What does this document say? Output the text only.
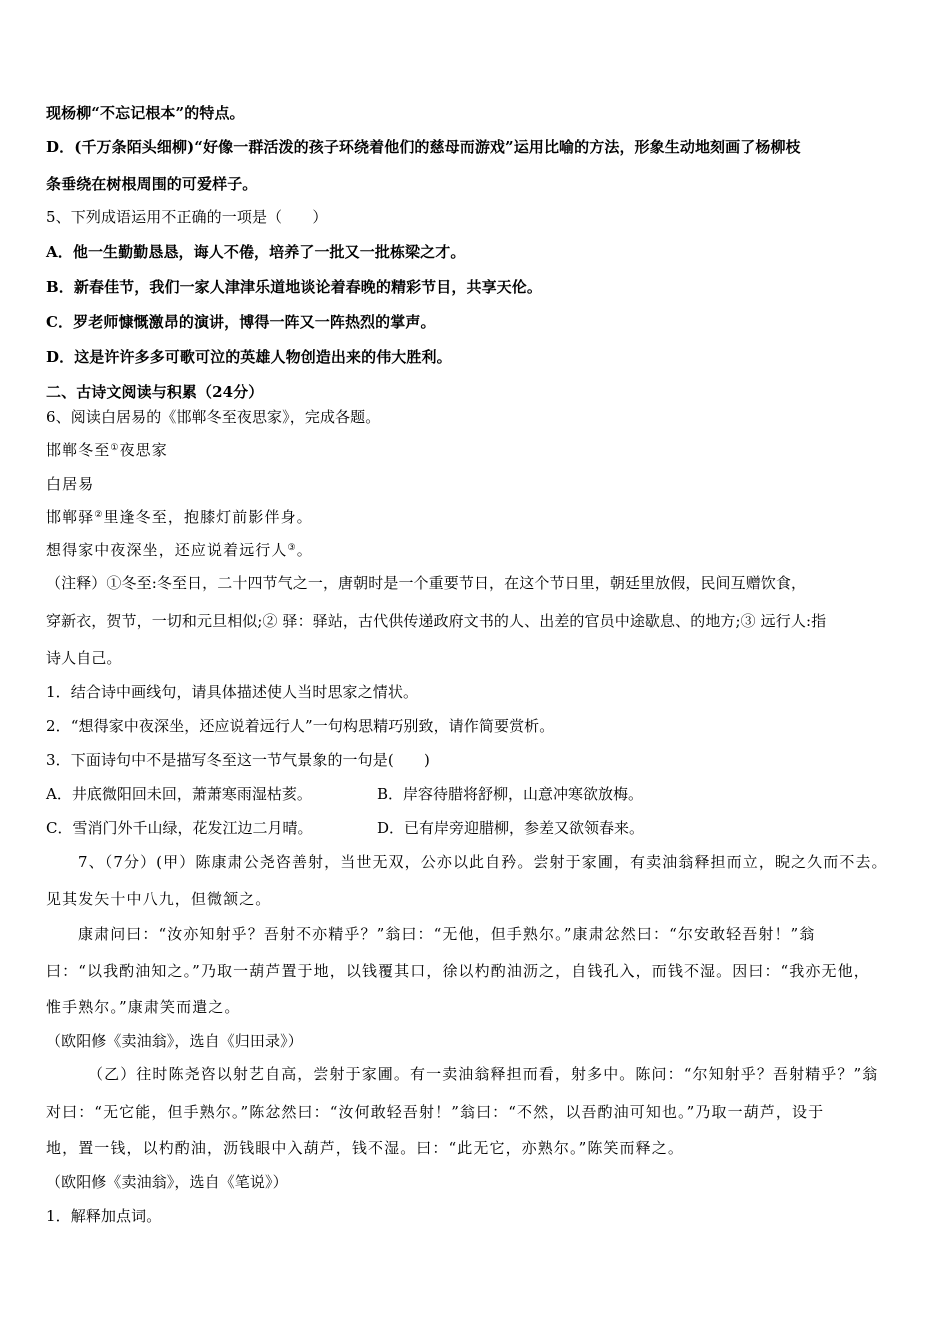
现杨柳“不忘记根本”的特点。

D．(千万条陌头细柳)“好像一群活泼的孩子环绕着他们的慈母而游戏”运用比喻的方法，形象生动地刻画了杨柳枝

条垂绕在树根周围的可爱样子。

5、下列成语运用不正确的一项是（　　）

A．他一生勤勤恳恳，诲人不倦，培养了一批又一批栋梁之才。

B．新春佳节，我们一家人津津乐道地谈论着春晚的精彩节目，共享天伦。

C．罗老师慷慨激昂的演讲，博得一阵又一阵热烈的掌声。

D．这是许许多多可歌可泣的英雄人物创造出来的伟大胜利。

二、古诗文阅读与积累（24分）

6、阅读白居易的《邯郸冬至夜思家》，完成各题。

邯郸冬至①夜思家

白居易

邯郸驿②里逢冬至，抱膝灯前影伴身。

想得家中夜深坐，还应说着远行人③。

（注释）①冬至:冬至日，二十四节气之一，唐朝时是一个重要节日，在这个节日里，朝廷里放假，民间互赠饮食，

穿新衣，贺节，一切和元旦相似;② 驿：驿站，古代供传递政府文书的人、出差的官员中途歇息、的地方;③ 远行人:指

诗人自己。

1．结合诗中画线句，请具体描述使人当时思家之情状。

2．“想得家中夜深坐，还应说着远行人”一句构思精巧别致，请作简要赏析。

3．下面诗句中不是描写冬至这一节气景象的一句是(　　)

A．井底微阳回未回，萧萧寒雨湿枯荄。	B．岸容待腊将舒柳，山意冲寒欲放梅。
C．雪消门外千山绿，花发江边二月晴。	D．已有岸旁迎腊柳，参差又欲领春来。

7、（7分）(甲）陈康肃公尧咨善射，当世无双，公亦以此自矜。尝射于家圃，有卖油翁释担而立，睨之久而不去。

见其发矢十中八九，但微颔之。

康肃问曰：“汝亦知射乎？吾射不亦精乎？”翁曰：“无他，但手熟尔。”康肃忿然曰：“尔安敢轻吾射！”翁

曰：“以我酌油知之。”乃取一葫芦置于地，以钱覆其口，徐以杓酌油沥之，自钱孔入，而钱不湿。因曰：“我亦无他，

惟手熟尔。”康肃笑而遣之。

（欧阳修《卖油翁》，选自《归田录》）

（乙）往时陈尧咨以射艺自高，尝射于家圃。有一卖油翁释担而看，射多中。陈问：“尔知射乎？吾射精乎？”翁

对曰：“无它能，但手熟尔。”陈忿然曰：“汝何敢轻吾射！”翁曰：“不然，以吾酌油可知也。”乃取一葫芦，设于

地，置一钱，以杓酌油，沥钱眼中入葫芦，钱不湿。曰：“此无它，亦熟尔。”陈笑而释之。

（欧阳修《卖油翁》，选自《笔说》）

1．解释加点词。
